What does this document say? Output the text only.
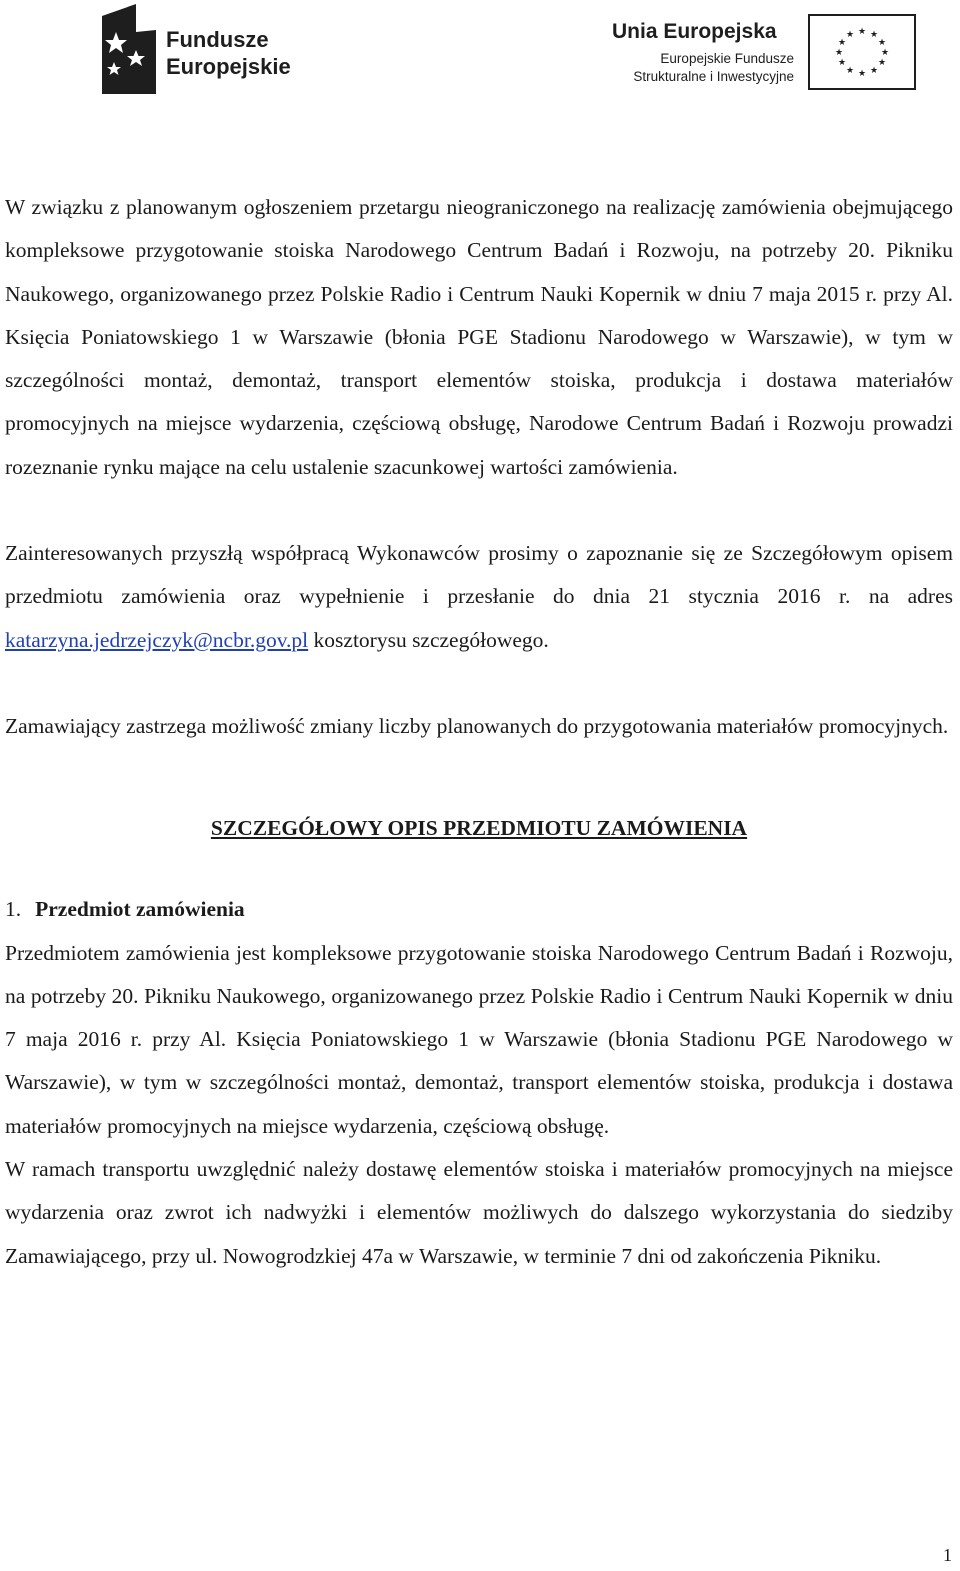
Fundusze
Europejskie
Unia Europejska
Europejskie Fundusze
Strukturalne i Inwestycyjne
★ ★
★
★
★
★
★
★
★
★
★
★

W związku z planowanym ogłoszeniem przetargu nieograniczonego na realizację zamówienia obejmującego kompleksowe przygotowanie stoiska Narodowego Centrum Badań i Rozwoju, na potrzeby 20. Pikniku Naukowego, organizowanego przez Polskie Radio i Centrum Nauki Kopernik w dniu 7 maja 2015 r. przy Al. Księcia Poniatowskiego 1 w Warszawie (błonia PGE Stadionu Narodowego w Warszawie), w tym w szczególności montaż, demontaż, transport elementów stoiska, produkcja i dostawa materiałów promocyjnych na miejsce wydarzenia, częściową obsługę, Narodowe Centrum Badań i Rozwoju prowadzi rozeznanie rynku mające na celu ustalenie szacunkowej wartości zamówienia.

Zainteresowanych przyszłą współpracą Wykonawców prosimy o zapoznanie się ze Szczegółowym opisem przedmiotu zamówienia oraz wypełnienie i przesłanie do dnia 21 stycznia 2016 r. na adres katarzyna.jedrzejczyk@ncbr.gov.pl kosztorysu szczegółowego.

Zamawiający zastrzega możliwość zmiany liczby planowanych do przygotowania materiałów promocyjnych.

SZCZEGÓŁOWY OPIS PRZEDMIOTU ZAMÓWIENIA

1. Przedmiot zamówienia

Przedmiotem zamówienia jest kompleksowe przygotowanie stoiska Narodowego Centrum Badań i Rozwoju, na potrzeby 20. Pikniku Naukowego, organizowanego przez Polskie Radio i Centrum Nauki Kopernik w dniu 7 maja 2016 r. przy Al. Księcia Poniatowskiego 1 w Warszawie (błonia Stadionu PGE Narodowego w Warszawie), w tym w szczególności montaż, demontaż, transport elementów stoiska, produkcja i dostawa materiałów promocyjnych na miejsce wydarzenia, częściową obsługę.

W ramach transportu uwzględnić należy dostawę elementów stoiska i materiałów promocyjnych na miejsce wydarzenia oraz zwrot ich nadwyżki i elementów możliwych do dalszego wykorzystania do siedziby Zamawiającego, przy ul. Nowogrodzkiej 47a w Warszawie, w terminie 7 dni od zakończenia Pikniku.

1
